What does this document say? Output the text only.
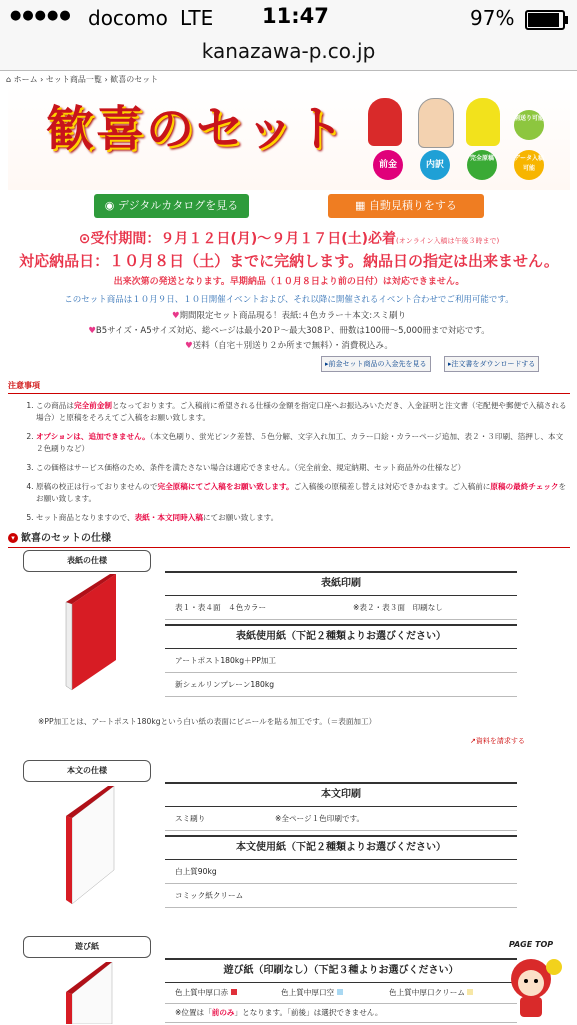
●●●●● docomo LTE 11:47	97%
kanazawa-p.co.jp
⌂ ホーム › セット商品一覧 › 歓喜のセット
歓喜のセット
前金	内訳
完全原稿
割送り可能
データ入稿可能
◉ デジタルカタログを見る	▦ 自動見積りをする
⊙受付期間：９月１２日(月)〜９月１７日(土)必着(オンライン入稿は午後３時まで)
対応納品日：１０月８日（土）までに完納します。納品日の指定は出来ません。
出来次第の発送となります。早期納品（１０月８日より前の日付）は対応できません。
このセット商品は１０月９日、１０日開催イベントおよび、それ以降に開催されるイベント合わせでご利用可能です。
♥期間限定セット商品現る！表紙:４色カラー＋本文:スミ刷り
♥B5サイズ・A5サイズ対応、総ページは最小20Ｐ〜最大308Ｐ、冊数は100冊〜5,000冊まで対応です。
♥送料（自宅＋別送り２か所まで無料）・消費税込み。
▸前金セット商品の入金先を見る	▸注文書をダウンロードする
注意事項
1. この商品は完全前金制となっております。ご入稿前に希望される仕様の金額を指定口座へお振込みいただき、入金証明と注文書（宅配便や郵便で入稿される場合）と原稿をそろえてご入稿をお願い致します。
2. オプションは、追加できません。（本文色刷り、蛍光ピンク差替、５色分解、文字入れ加工、カラー口絵・カラーページ追加、表２・３印刷、箔押し、本文２色刷りなど）
3. この価格はサービス価格のため、条件を満たさない場合は適応できません。（完全前金、規定納期、セット商品外の仕様など）
4. 原稿の校正は行っておりませんので完全原稿にてご入稿をお願い致します。ご入稿後の原稿差し替えは対応できかねます。ご入稿前に原稿の最終チェックをお願い致します。
5. セット商品となりますので、表紙・本文同時入稿にてお願い致します。
▾ 歓喜のセットの仕様
表紙の仕様
表紙印刷
表１・表４面　４色カラー	※表２・表３面　印刷なし
表紙使用紙（下記２種類よりお選びください）
アートポスト180kg＋PP加工
新シェルリンプレーン180kg
※PP加工とは、アートポスト180kgという白い紙の表面にビニールを貼る加工です。（＝表面加工）
↗資料を請求する
本文の仕様
本文印刷
スミ刷り	※全ページ１色印刷です。
本文使用紙（下記２種類よりお選びください）
白上質90kg
コミック紙クリーム
遊び紙
遊び紙（印刷なし）（下記３種よりお選びください）
色上質中厚口赤	色上質中厚口空	色上質中厚口クリーム
※位置は「前のみ」となります。「前後」は選択できません。
PAGE TOP
